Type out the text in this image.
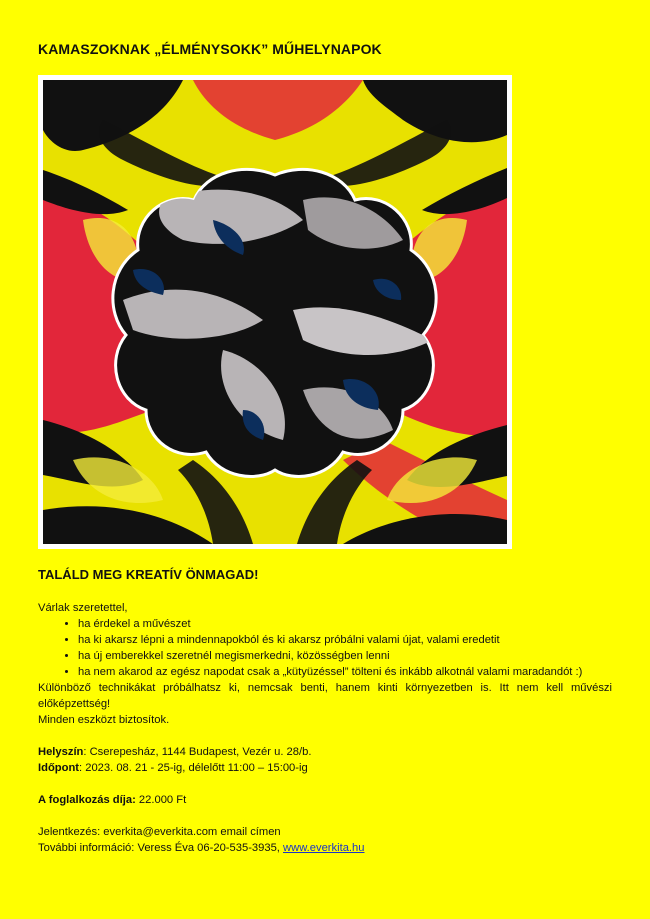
KAMASZOKNAK „ÉLMÉNYSOKK” MŰHELYNAPOK
TALÁLD MEG KREATÍV ÖNMAGAD!

Várlak szeretettel,

• ha érdekel a művészet
• ha ki akarsz lépni a mindennapokból és ki akarsz próbálni valami újat, valami eredetit
• ha új emberekkel szeretnél megismerkedni, közösségben lenni
• ha nem akarod az egész napodat csak a „kütyüzéssel” tölteni és inkább alkotnál valami maradandót :)

Különböző technikákat próbálhatsz ki, nemcsak benti, hanem kinti környezetben is. Itt nem kell művészi előképzettség!

Minden eszközt biztosítok.

Helyszín: Cserepesház, 1144 Budapest, Vezér u. 28/b.

Időpont: 2023. 08. 21 - 25-ig, délelőtt 11:00 – 15:00-ig

A foglalkozás díja: 22.000 Ft

Jelentkezés: everkita@everkita.com email címen

További információ: Veress Éva 06-20-535-3935, www.everkita.hu
